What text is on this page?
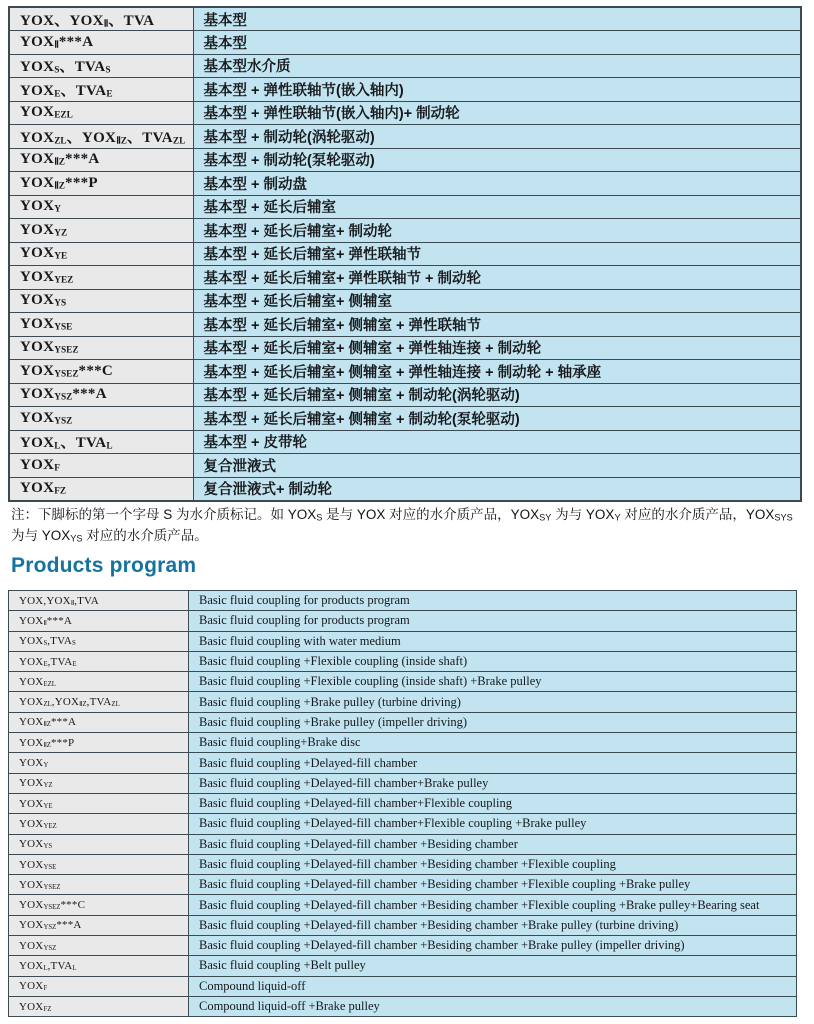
YOX、$YOX_Ⅱ$、TVA	基本型
$YOX_Ⅱ***A$	基本型
$YOX_S$、$TVA_S$	基本型水介质
$YOX_E$、$TVA_E$	基本型 + 弹性联轴节(嵌入轴内)
$YOX_{EZL}$	基本型 + 弹性联轴节(嵌入轴内)+ 制动轮
$YOX_{ZL}$、$YOX_{ⅡZ}$、$TVA_{ZL}$	基本型 + 制动轮(涡轮驱动)
$YOX_{ⅡZ}***A$	基本型 + 制动轮(泵轮驱动)
$YOX_{ⅡZ}***P$	基本型 + 制动盘
$YOX_Y$	基本型 + 延长后辅室
$YOX_{YZ}$	基本型 + 延长后辅室+ 制动轮
$YOX_{YE}$	基本型 + 延长后辅室+ 弹性联轴节
$YOX_{YEZ}$	基本型 + 延长后辅室+ 弹性联轴节 + 制动轮
$YOX_{YS}$	基本型 + 延长后辅室+ 侧辅室
$YOX_{YSE}$	基本型 + 延长后辅室+ 侧辅室 + 弹性联轴节
$YOX_{YSEZ}$	基本型 + 延长后辅室+ 侧辅室 + 弹性轴连接 + 制动轮
$YOX_{YSEZ}***C$	基本型 + 延长后辅室+ 侧辅室 + 弹性轴连接 + 制动轮 + 轴承座
$YOX_{YSZ}***A$	基本型 + 延长后辅室+ 侧辅室 + 制动轮(涡轮驱动)
$YOX_{YSZ}$	基本型 + 延长后辅室+ 侧辅室 + 制动轮(泵轮驱动)
$YOX_L$、$TVA_L$	基本型 + 皮带轮
$YOX_F$	复合泄液式
$YOX_{FZ}$	复合泄液式+ 制动轮

注：下脚标的第一个字母 S 为水介质标记。如 $YOX_S$ 是与 YOX 对应的水介质产品，$YOX_{SY}$ 为与 $YOX_Y$ 对应的水介质产品，$YOX_{SYS}$ 为与 $YOX_{YS}$ 对应的水介质产品。

Products program
$YOX,YOX_Ⅱ,TVA$	Basic fluid coupling for products program
$YOX_Ⅱ***A$	Basic fluid coupling for products program
$YOX_S,TVA_S$	Basic fluid coupling with water medium
$YOX_E,TVA_E$	Basic fluid coupling +Flexible coupling (inside shaft)
$YOX_{EZL}$	Basic fluid coupling +Flexible coupling (inside shaft) +Brake pulley
$YOX_{ZL},YOX_{ⅡZ},TVA_{ZL}$	Basic fluid coupling +Brake pulley (turbine driving)
$YOX_{ⅡZ}***A$	Basic fluid coupling +Brake pulley (impeller driving)
$YOX_{ⅡZ}***P$	Basic fluid coupling+Brake disc
$YOX_Y$	Basic fluid coupling +Delayed-fill chamber
$YOX_{YZ}$	Basic fluid coupling +Delayed-fill chamber+Brake pulley
$YOX_{YE}$	Basic fluid coupling +Delayed-fill chamber+Flexible coupling
$YOX_{YEZ}$	Basic fluid coupling +Delayed-fill chamber+Flexible coupling +Brake pulley
$YOX_{YS}$	Basic fluid coupling +Delayed-fill chamber +Besiding chamber
$YOX_{YSE}$	Basic fluid coupling +Delayed-fill chamber +Besiding chamber +Flexible coupling
$YOX_{YSEZ}$	Basic fluid coupling +Delayed-fill chamber +Besiding chamber +Flexible coupling +Brake pulley
$YOX_{YSEZ}***C$	Basic fluid coupling +Delayed-fill chamber +Besiding chamber +Flexible coupling +Brake pulley+Bearing seat
$YOX_{YSZ}***A$	Basic fluid coupling +Delayed-fill chamber +Besiding chamber +Brake pulley (turbine driving)
$YOX_{YSZ}$	Basic fluid coupling +Delayed-fill chamber +Besiding chamber +Brake pulley (impeller driving)
$YOX_L,TVA_L$	Basic fluid coupling +Belt pulley
$YOX_F$	Compound liquid-off
$YOX_{FZ}$	Compound liquid-off +Brake pulley
